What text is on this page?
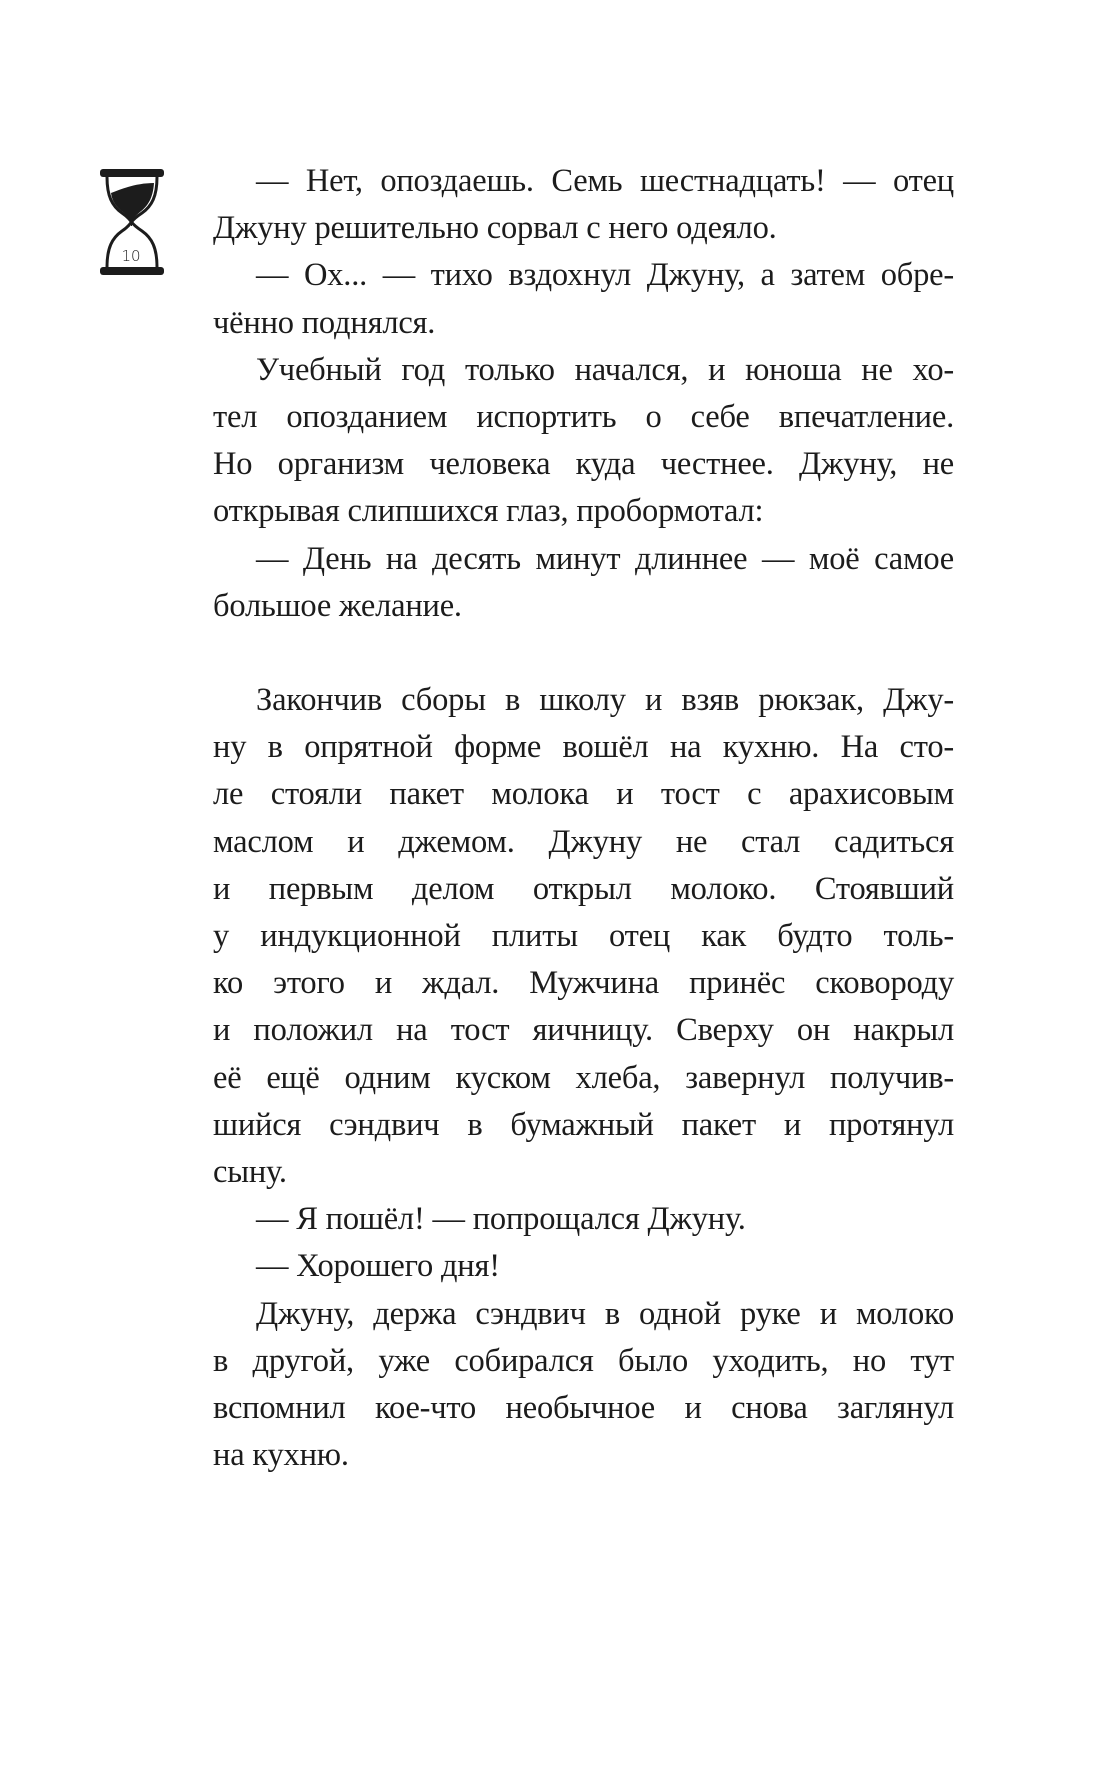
10
— Нет, опоздаешь. Семь шестнадцать! — отец
Джуну решительно сорвал с него одеяло.
— Ох... — тихо вздохнул Джуну, а затем обре-
чённо поднялся.
Учебный год только начался, и юноша не хо-
тел опозданием испортить о себе впечатление.
Но организм человека куда честнее. Джуну, не
открывая слипшихся глаз, пробормотал:
— День на десять минут длиннее — моё самое
большое желание.
Закончив сборы в школу и взяв рюкзак, Джу-
ну в опрятной форме вошёл на кухню. На сто-
ле стояли пакет молока и тост с арахисовым
маслом и джемом. Джуну не стал садиться
и первым делом открыл молоко. Стоявший
у индукционной плиты отец как будто толь-
ко этого и ждал. Мужчина принёс сковороду
и положил на тост яичницу. Сверху он накрыл
её ещё одним куском хлеба, завернул получив-
шийся сэндвич в бумажный пакет и протянул
сыну.
— Я пошёл! — попрощался Джуну.
— Хорошего дня!
Джуну, держа сэндвич в одной руке и молоко
в другой, уже собирался было уходить, но тут
вспомнил кое-что необычное и снова заглянул
на кухню.
